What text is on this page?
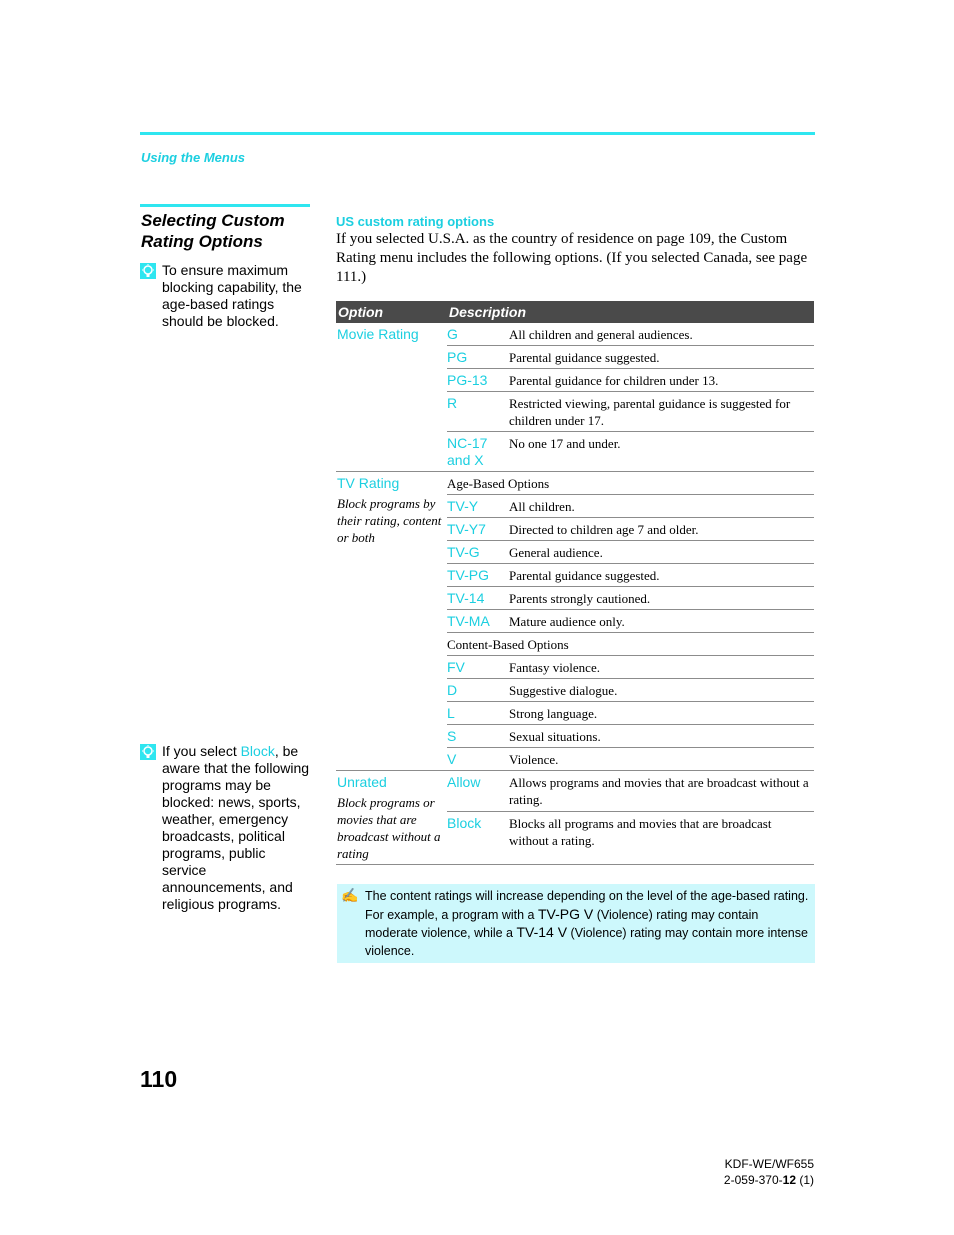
Using the Menus
Selecting Custom Rating Options
To ensure maximum blocking capability, the age-based ratings should be blocked.
If you select Block, be aware that the following programs may be blocked: news, sports, weather, emergency broadcasts, political programs, public service announcements, and religious programs.
US custom rating options
If you selected U.S.A. as the country of residence on page 109, the Custom Rating menu includes the following options. (If you selected Canada, see page 111.)
Option	Description	

Movie Rating	G	All children and general audiences.
	PG	Parental guidance suggested.
	PG-13	Parental guidance for children under 13.
	R	Restricted viewing, parental guidance is suggested for children under 17.
	NC-17 and X	No one 17 and under.

TV Rating
Block programs by their rating, content or both	Age-Based Options	
	TV-Y	All children.
	TV-Y7	Directed to children age 7 and older.
	TV-G	General audience.
	TV-PG	Parental guidance suggested.
	TV-14	Parents strongly cautioned.
	TV-MA	Mature audience only.
	Content-Based Options	
	FV	Fantasy violence.
	D	Suggestive dialogue.
	L	Strong language.
	S	Sexual situations.
	V	Violence.

Unrated
Block programs or movies that are broadcast without a rating	Allow	Allows programs and movies that are broadcast without a rating.
	Block	Blocks all programs and movies that are broadcast without a rating.
✍ The content ratings will increase depending on the level of the age-based rating. For example, a program with a TV-PG V (Violence) rating may contain moderate violence, while a TV-14 V (Violence) rating may contain more intense violence.
110
KDF-WE/WF655
2-059-370-12 (1)
